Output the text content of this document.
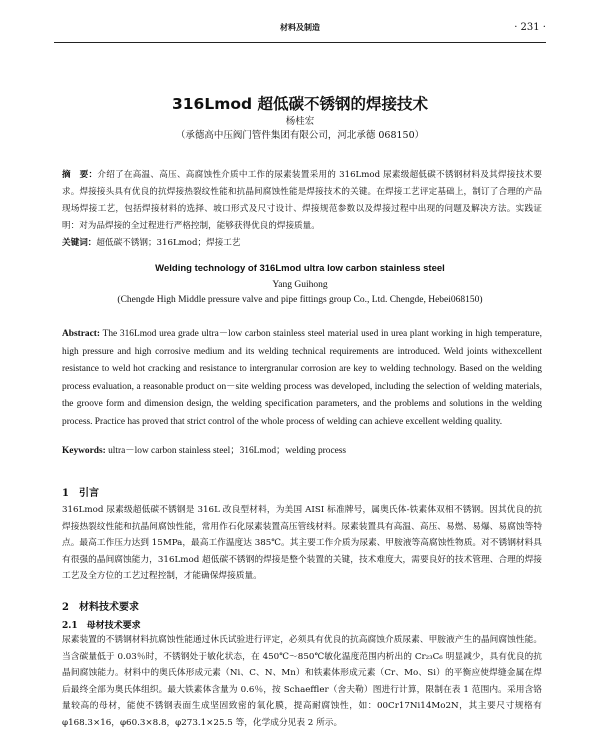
材料及制造	· 231 ·
316Lmod 超低碳不锈钢的焊接技术
杨桂宏
（承德高中压阀门管件集团有限公司，河北承德 068150）
摘　要：介绍了在高温、高压、高腐蚀性介质中工作的尿素装置采用的 316Lmod 尿素级超低碳不锈钢材料及其焊接技术要求。焊接接头具有优良的抗焊接热裂纹性能和抗晶间腐蚀性能是焊接技术的关键。在焊接工艺评定基础上，制订了合理的产品现场焊接工艺，包括焊接材料的选择、坡口形式及尺寸设计、焊接规范参数以及焊接过程中出现的问题及解决方法。实践证明：对为品焊接的全过程进行严格控制，能够获得优良的焊接质量。
关键词：超低碳不锈钢；316Lmod；焊接工艺
Welding technology of 316Lmod ultra low carbon stainless steel
Yang Guihong
(Chengde High Middle pressure valve and pipe fittings group Co., Ltd. Chengde, Hebei068150)
Abstract: The 316Lmod urea grade ultra－low carbon stainless steel material used in urea plant working in high temperature, high pressure and high corrosive medium and its welding technical requirements are introduced. Weld joints withexcellent resistance to weld hot cracking and resistance to intergranular corrosion are key to welding technology. Based on the welding process evaluation, a reasonable product on－site welding process was developed, including the selection of welding materials, the groove form and dimension design, the welding specification parameters, and the problems and solutions in the welding process. Practice has proved that strict control of the whole process of welding can achieve excellent welding quality.
Keywords: ultra－low carbon stainless steel；316Lmod；welding process
1　引言
316Lmod 尿素级超低碳不锈钢是 316L 改良型材料，为美国 AISI 标准牌号，属奥氏体-铁素体双相不锈钢。因其优良的抗焊接热裂纹性能和抗晶间腐蚀性能，常用作石化尿素装置高压管线材料。尿素装置具有高温、高压、易燃、易爆、易腐蚀等特点。最高工作压力达到 15MPa，最高工作温度达 385℃。其主要工作介质为尿素、甲胺液等高腐蚀性物质。对不锈钢材料具有很强的晶间腐蚀能力，316Lmod 超低碳不锈钢的焊接是整个装置的关键，技术难度大，需要良好的技术管理、合理的焊接工艺及全方位的工艺过程控制，才能确保焊接质量。
2　材料技术要求
2.1　母材技术要求
尿素装置的不锈钢材料抗腐蚀性能通过休氏试验进行评定，必须具有优良的抗高腐蚀介质尿素、甲胺液产生的晶间腐蚀性能。当含碳量低于 0.03％时，不锈钢处于敏化状态，在 450℃～850℃敏化温度范围内析出的 Cr₂₃C₆ 明显减少，具有优良的抗晶间腐蚀能力。材料中的奥氏体形成元素（Ni、C、N、Mn）和铁素体形成元素（Cr、Mo、Si）的平衡应使焊缝金属在焊后最终全部为奥氏体组织。最大铁素体含量为 0.6％，按 Schaeffler（舍夫勒）图进行计算，限制在表 1 范围内。采用含铬量较高的母材，能使不锈钢表面生成坚固致密的氧化膜，提高耐腐蚀性，如：00Cr17Ni14Mo2N，其主要尺寸规格有 φ168.3×16，φ60.3×8.8，φ273.1×25.5 等，化学成分见表 2 所示。
